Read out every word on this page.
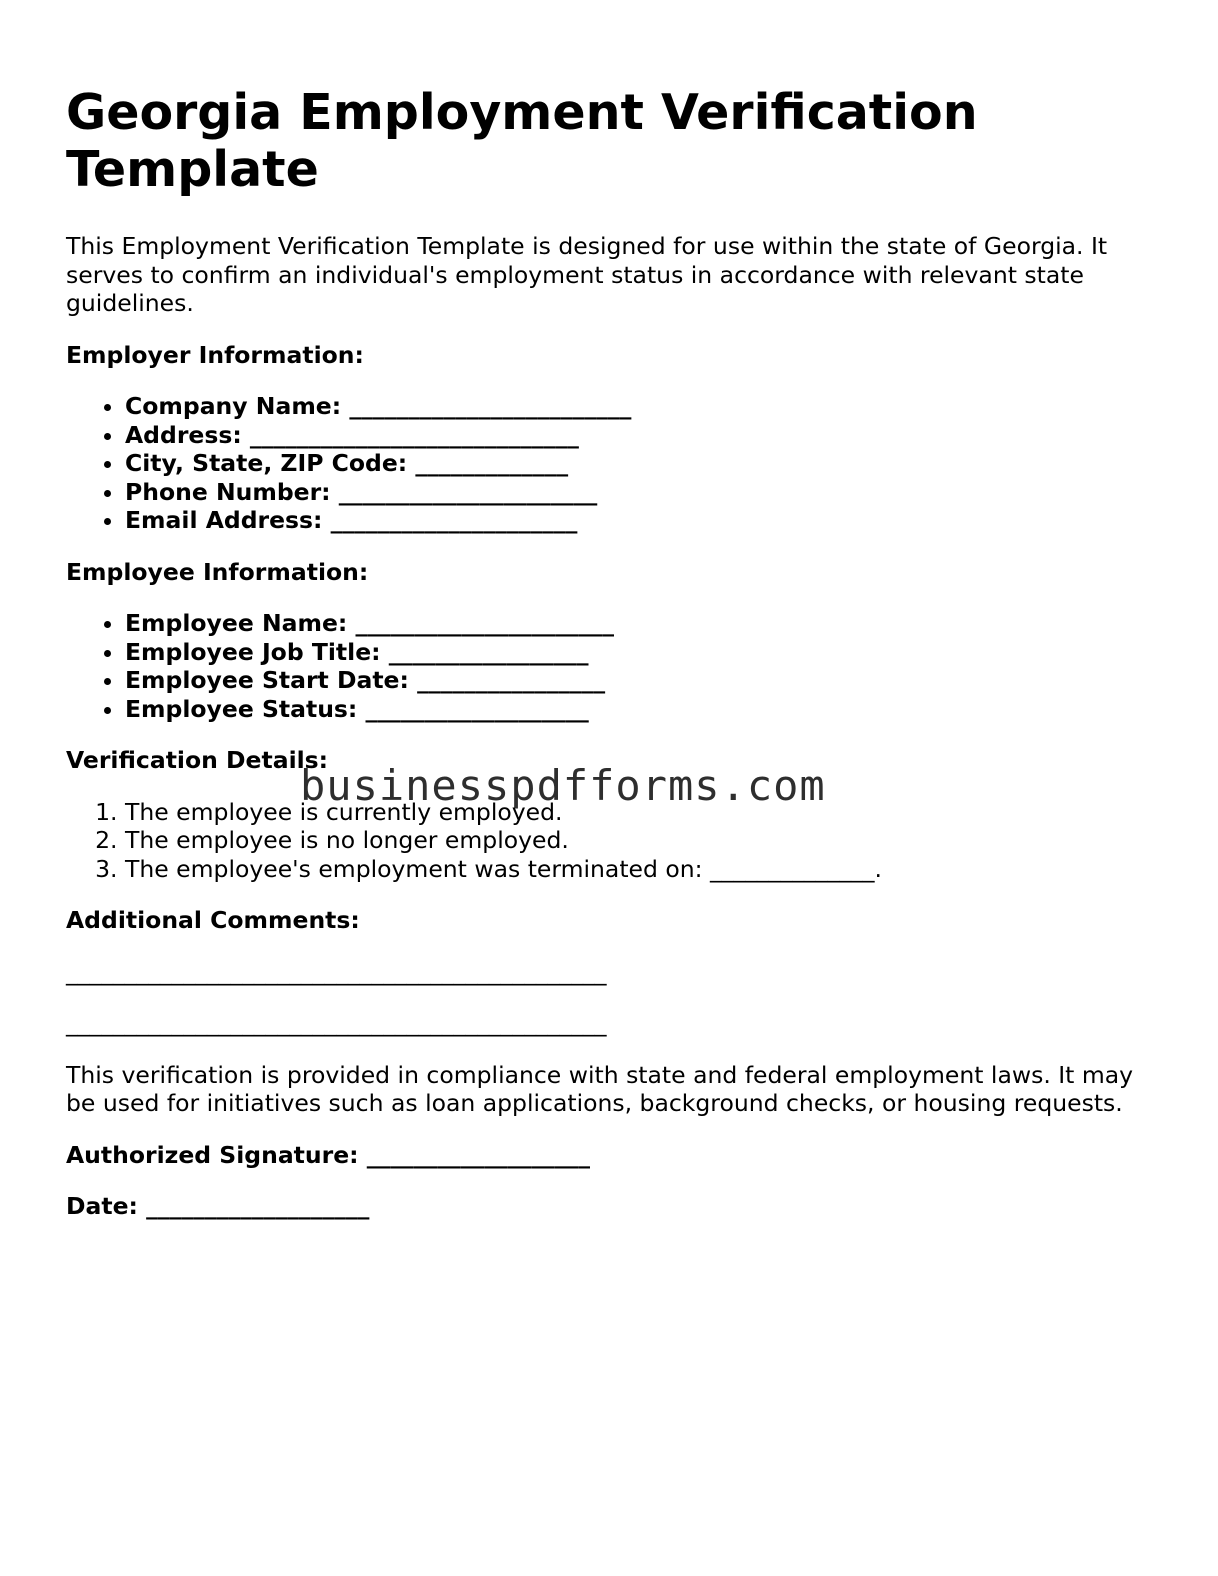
Georgia Employment Verification Template

This Employment Verification Template is designed for use within the state of Georgia. It serves to confirm an individual's employment status in accordance with relevant state guidelines.

Employer Information:

• Company Name: ________________________
• Address: ____________________________
• City, State, ZIP Code: _____________
• Phone Number: ______________________
• Email Address: _____________________

Employee Information:

• Employee Name: ______________________
• Employee Job Title: _________________
• Employee Start Date: ________________
• Employee Status: ___________________

Verification Details:

1. The employee is currently employed.
2. The employee is no longer employed.
3. The employee's employment was terminated on: ______________.

Additional Comments:

______________________________________________
______________________________________________

This verification is provided in compliance with state and federal employment laws. It may be used for initiatives such as loan applications, background checks, or housing requests.

Authorized Signature: ___________________

Date: ___________________

businesspdfforms.com
